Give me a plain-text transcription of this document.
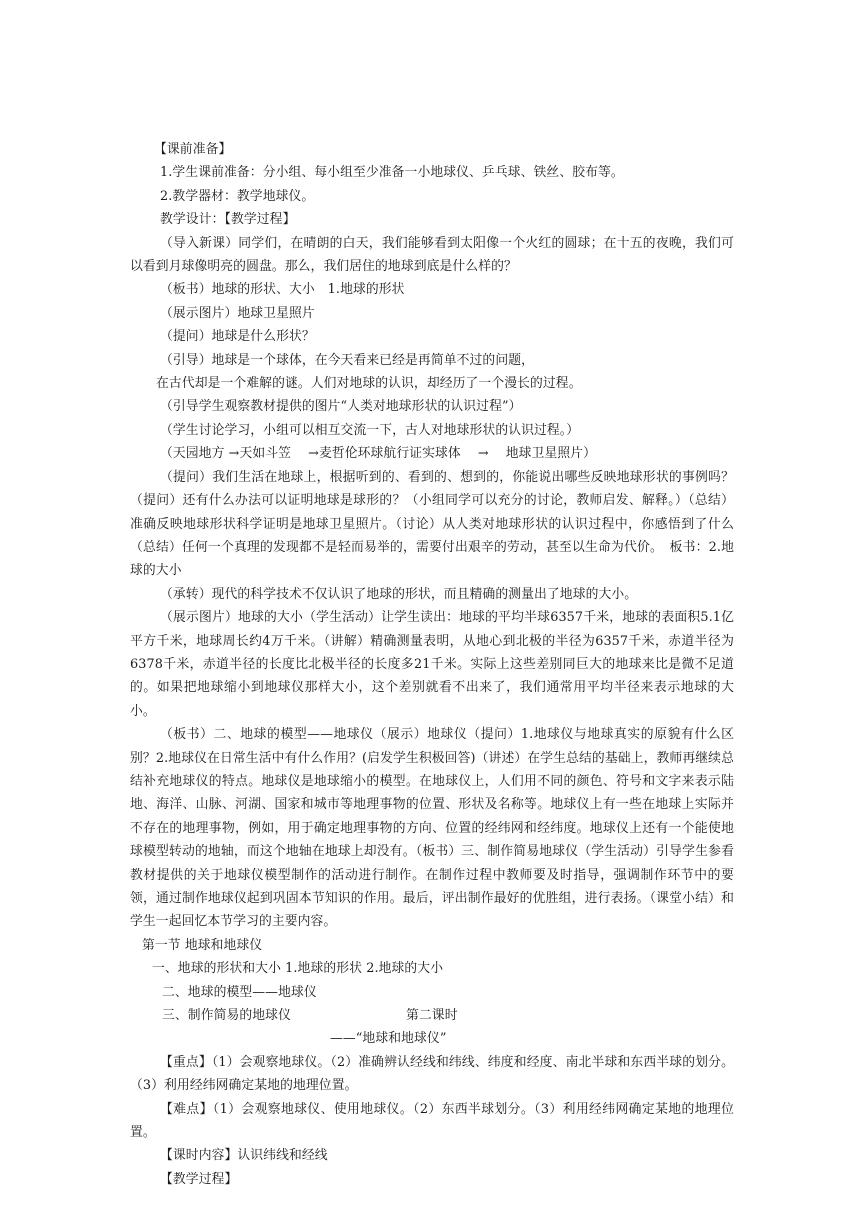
【课前准备】

1.学生课前准备：分小组、每小组至少准备一小地球仪、乒乓球、铁丝、胶布等。

2.教学器材：教学地球仪。

教学设计：【教学过程】

（导入新课）同学们，在晴朗的白天，我们能够看到太阳像一个火红的圆球；在十五的夜晚，我们可以看到月球像明亮的圆盘。那么，我们居住的地球到底是什么样的？

（板书）地球的形状、大小　1.地球的形状

（展示图片）地球卫星照片

（提问）地球是什么形状？

（引导）地球是一个球体，在今天看来已经是再简单不过的问题，

在古代却是一个难解的谜。人们对地球的认识，却经历了一个漫长的过程。

（引导学生观察教材提供的图片“人类对地球形状的认识过程”）

（学生讨论学习，小组可以相互交流一下，古人对地球形状的认识过程。）

（天园地方 →天如斗笠　 →麦哲伦环球航行证实球体　 →　 地球卫星照片）

（提问）我们生活在地球上，根据听到的、看到的、想到的，你能说出哪些反映地球形状的事例吗？（提问）还有什么办法可以证明地球是球形的？（小组同学可以充分的讨论，教师启发、解释。）（总结）准确反映地球形状科学证明是地球卫星照片。（讨论）从人类对地球形状的认识过程中，你感悟到了什么（总结）任何一个真理的发现都不是轻而易举的，需要付出艰辛的劳动，甚至以生命为代价。　板书：2.地球的大小

（承转）现代的科学技术不仅认识了地球的形状，而且精确的测量出了地球的大小。

（展示图片）地球的大小（学生活动）让学生读出：地球的平均半球6357千米，地球的表面积5.1亿平方千米，地球周长约4万千米。（讲解）精确测量表明，从地心到北极的半径为6357千米，赤道半径为6378千米，赤道半径的长度比北极半径的长度多21千米。实际上这些差别同巨大的地球来比是微不足道的。如果把地球缩小到地球仪那样大小，这个差别就看不出来了，我们通常用平均半径来表示地球的大小。

（板书）二、地球的模型——地球仪（展示）地球仪（提问）1.地球仪与地球真实的原貌有什么区别？2.地球仪在日常生活中有什么作用？(启发学生积极回答)（讲述）在学生总结的基础上，教师再继续总结补充地球仪的特点。地球仪是地球缩小的模型。在地球仪上，人们用不同的颜色、符号和文字来表示陆地、海洋、山脉、河湖、国家和城市等地理事物的位置、形状及名称等。地球仪上有一些在地球上实际并不存在的地理事物，例如，用于确定地理事物的方向、位置的经纬网和经纬度。地球仪上还有一个能使地球模型转动的地轴，而这个地轴在地球上却没有。（板书）三、制作简易地球仪（学生活动）引导学生参看教材提供的关于地球仪模型制作的活动进行制作。在制作过程中教师要及时指导，强调制作环节中的要领，通过制作地球仪起到巩固本节知识的作用。最后，评出制作最好的优胜组，进行表扬。（课堂小结）和学生一起回忆本节学习的主要内容。

第一节 地球和地球仪

一、地球的形状和大小 1.地球的形状 2.地球的大小

二、地球的模型——地球仪

三、制作简易的地球仪	第二课时

——“地球和地球仪”

【重点】（1）会观察地球仪。（2）准确辨认经线和纬线、纬度和经度、南北半球和东西半球的划分。（3）利用经纬网确定某地的地理位置。

【难点】（1）会观察地球仪、使用地球仪。（2）东西半球划分。（3）利用经纬网确定某地的地理位置。

【课时内容】认识纬线和经线

【教学过程】
